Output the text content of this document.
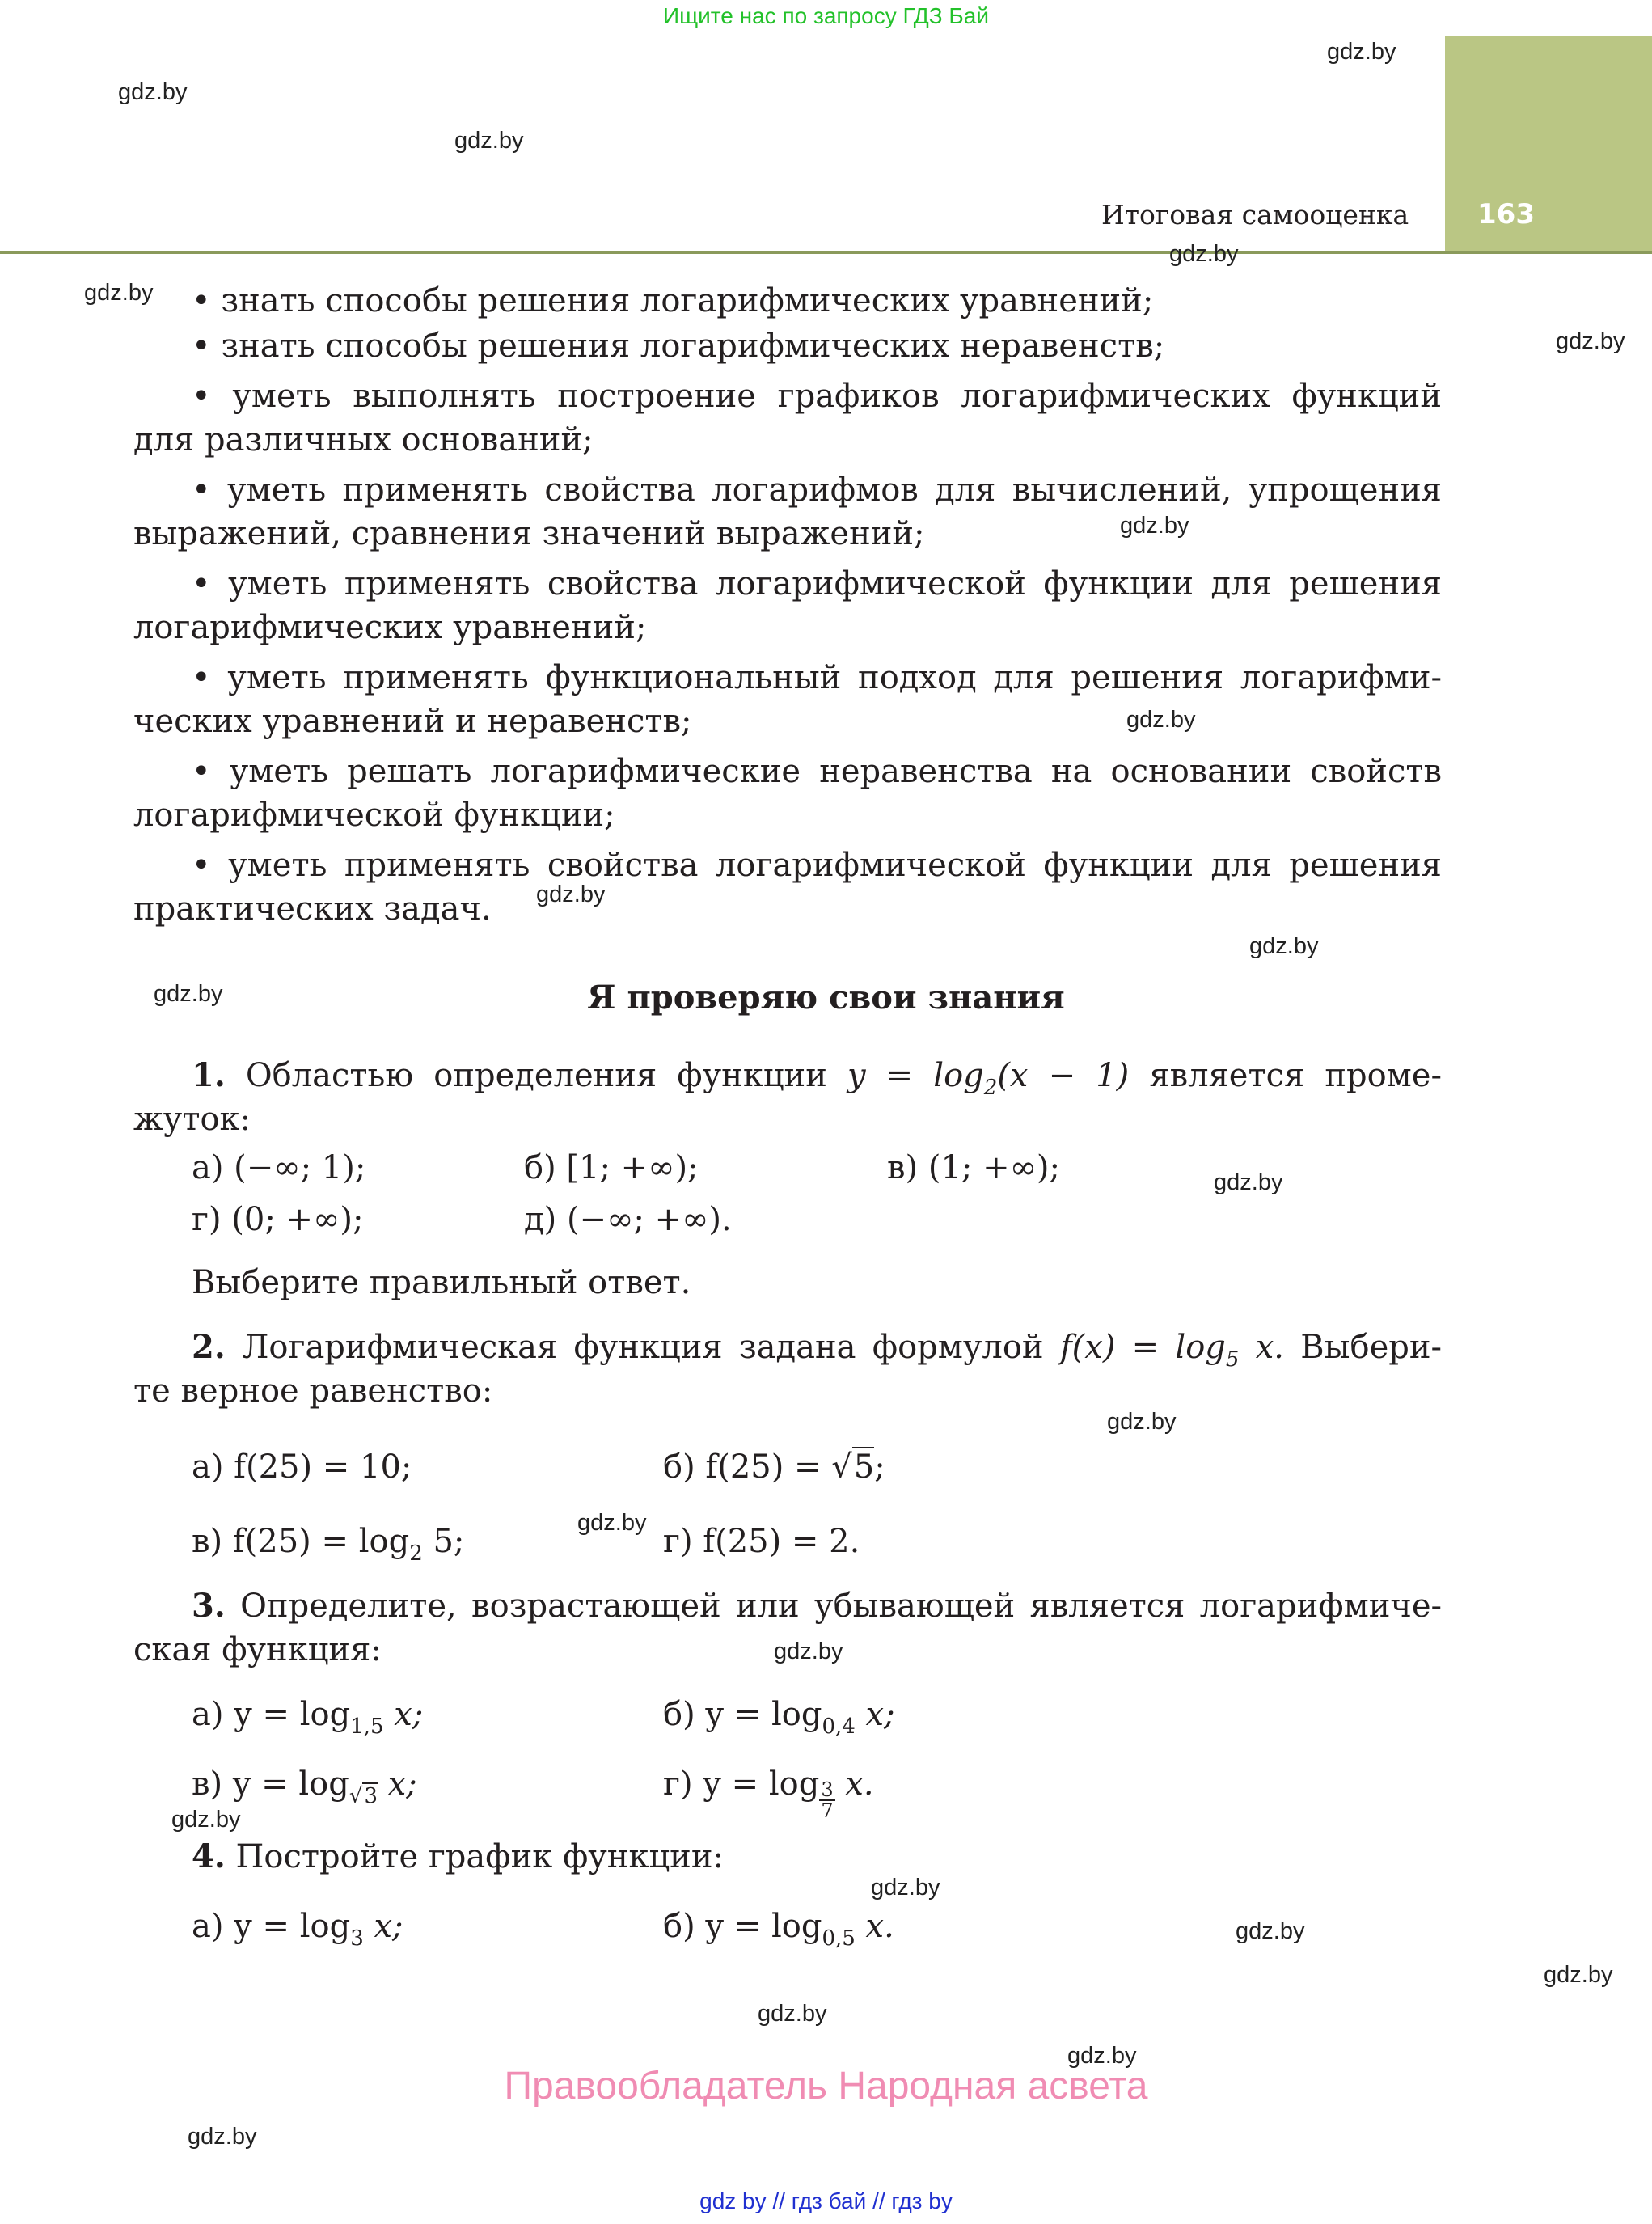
Ищите нас по запросу ГДЗ Бай
163
Итоговая самооценка
gdz.by
gdz.by
gdz.by
gdz.by
gdz.by
gdz.by
gdz.by
gdz.by
gdz.by
gdz.by
gdz.by
gdz.by
gdz.by
gdz.by
gdz.by
gdz.by
gdz.by
gdz.by
gdz.by
gdz.by
gdz.by
gdz.by
• знать способы решения логарифмических уравнений;
• знать способы решения логарифмических неравенств;
• уметь выполнять построение графиков логарифмических функций
для различных оснований;
• уметь применять свойства логарифмов для вычислений, упрощения
выражений, сравнения значений выражений;
• уметь применять свойства логарифмической функции для решения
логарифмических уравнений;
• уметь применять функциональный подход для решения логарифми-
ческих уравнений и неравенств;
• уметь решать логарифмические неравенства на основании свойств
логарифмической функции;
• уметь применять свойства логарифмической функции для решения
практических задач.
Я проверяю свои знания
1. Областью определения функции $y = \log_2(x - 1)$ является проме-
жуток:
а) (−∞; 1);	б) [1; +∞);	в) (1; +∞);
г) (0; +∞);	д) (−∞; +∞).
Выберите правильный ответ.
2. Логарифмическая функция задана формулой $f(x) = \log_5 x$. Выбери-
те верное равенство:
а) f(25) = 10;	б) f(25) = √5;
в) $f(25) = \log_2 5$;	г) f(25) = 2.
3. Определите, возрастающей или убывающей является логарифмиче-
ская функция:
а) $y = \log_{1,5} x$;	б) $y = \log_{0,4} x$;
в) $y = \log_{√3} x$;	г) $y = \log \frac{3}{7} x$.
4. Постройте график функции:
а) $y = \log_3 x$;	б) $y = \log_{0,5} x$.
Правообладатель Народная асвета
gdz by // гдз бай // гдз by
